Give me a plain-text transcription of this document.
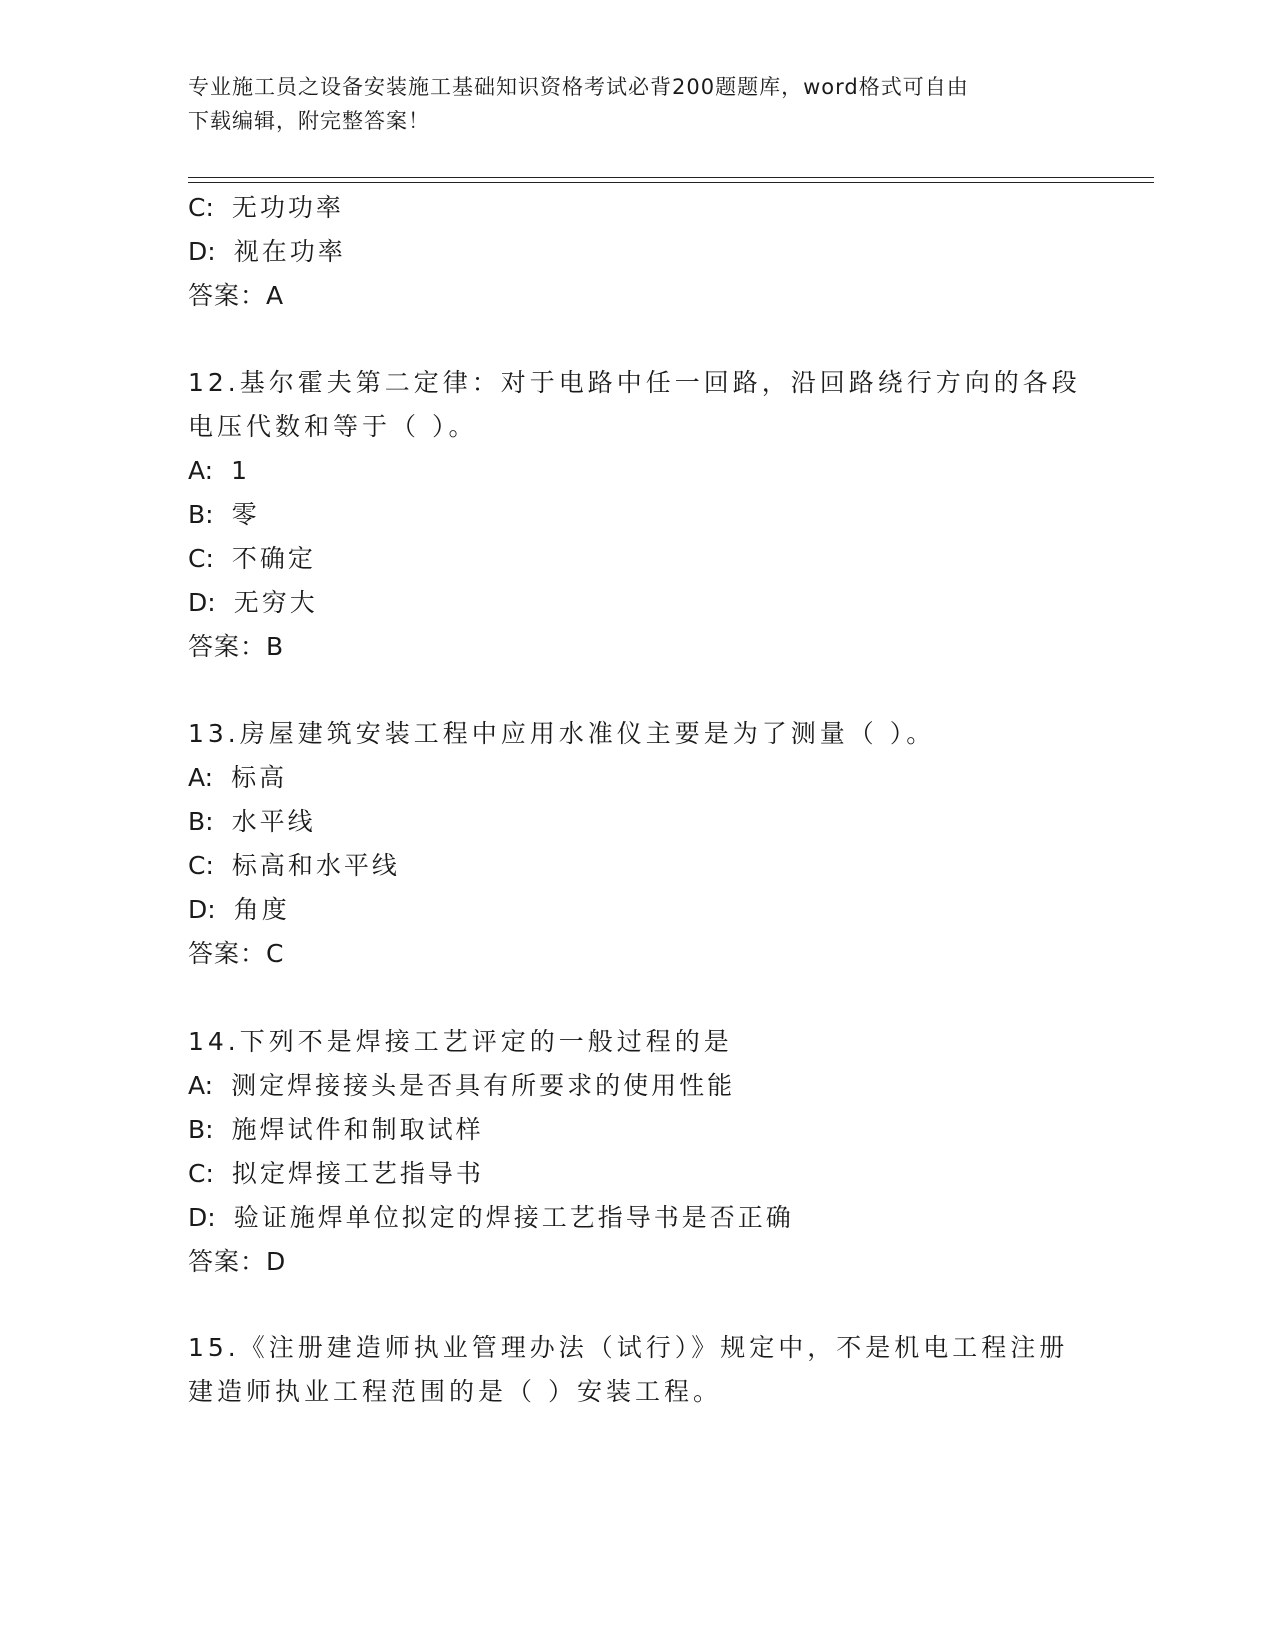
专业施工员之设备安装施工基础知识资格考试必背200题题库，word格式可自由
下载编辑，附完整答案！
C: 无功功率
D: 视在功率
答案：A
12.基尔霍夫第二定律：对于电路中任一回路，沿回路绕行方向的各段
电压代数和等于（ ）。
A: 1
B: 零
C: 不确定
D: 无穷大
答案：B
13.房屋建筑安装工程中应用水准仪主要是为了测量（ ）。
A: 标高
B: 水平线
C: 标高和水平线
D: 角度
答案：C
14.下列不是焊接工艺评定的一般过程的是
A: 测定焊接接头是否具有所要求的使用性能
B: 施焊试件和制取试样
C: 拟定焊接工艺指导书
D: 验证施焊单位拟定的焊接工艺指导书是否正确
答案：D
15.《注册建造师执业管理办法（试行）》规定中，不是机电工程注册
建造师执业工程范围的是（ ）安装工程。
